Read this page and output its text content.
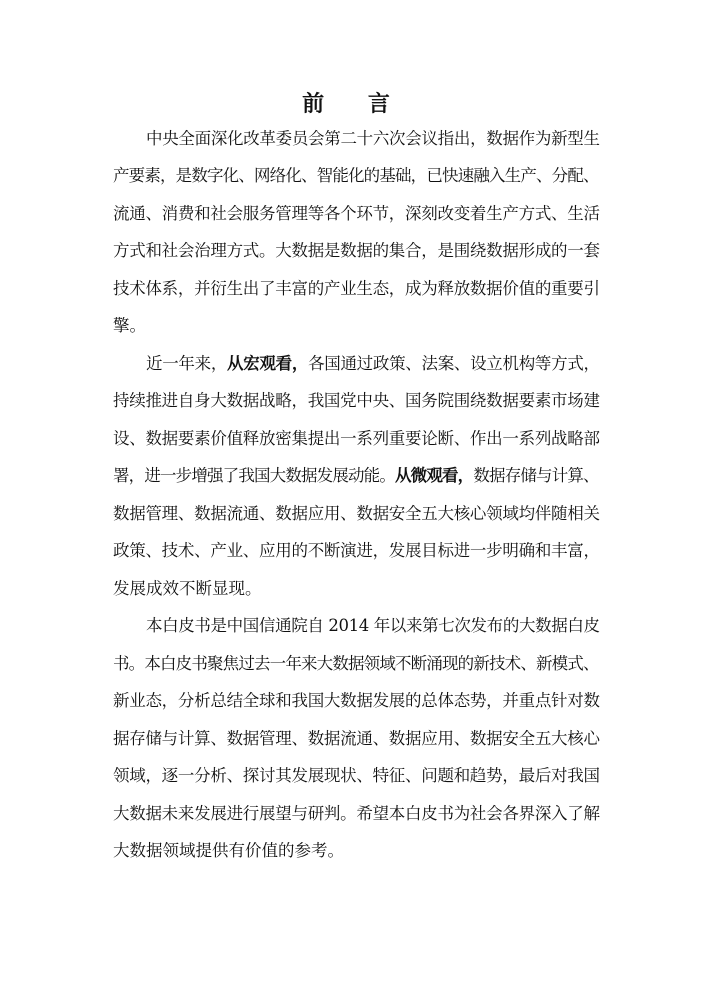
前 言
中央全面深化改革委员会第二十六次会议指出，数据作为新型生
产要素，是数字化、网络化、智能化的基础，已快速融入生产、分配、
流通、消费和社会服务管理等各个环节，深刻改变着生产方式、生活
方式和社会治理方式。大数据是数据的集合，是围绕数据形成的一套
技术体系，并衍生出了丰富的产业生态，成为释放数据价值的重要引
擎。
近一年来，从宏观看，各国通过政策、法案、设立机构等方式，
持续推进自身大数据战略，我国党中央、国务院围绕数据要素市场建
设、数据要素价值释放密集提出一系列重要论断、作出一系列战略部
署，进一步增强了我国大数据发展动能。从微观看，数据存储与计算、
数据管理、数据流通、数据应用、数据安全五大核心领域均伴随相关
政策、技术、产业、应用的不断演进，发展目标进一步明确和丰富，
发展成效不断显现。
本白皮书是中国信通院自 2014 年以来第七次发布的大数据白皮
书。本白皮书聚焦过去一年来大数据领域不断涌现的新技术、新模式、
新业态，分析总结全球和我国大数据发展的总体态势，并重点针对数
据存储与计算、数据管理、数据流通、数据应用、数据安全五大核心
领域，逐一分析、探讨其发展现状、特征、问题和趋势，最后对我国
大数据未来发展进行展望与研判。希望本白皮书为社会各界深入了解
大数据领域提供有价值的参考。
